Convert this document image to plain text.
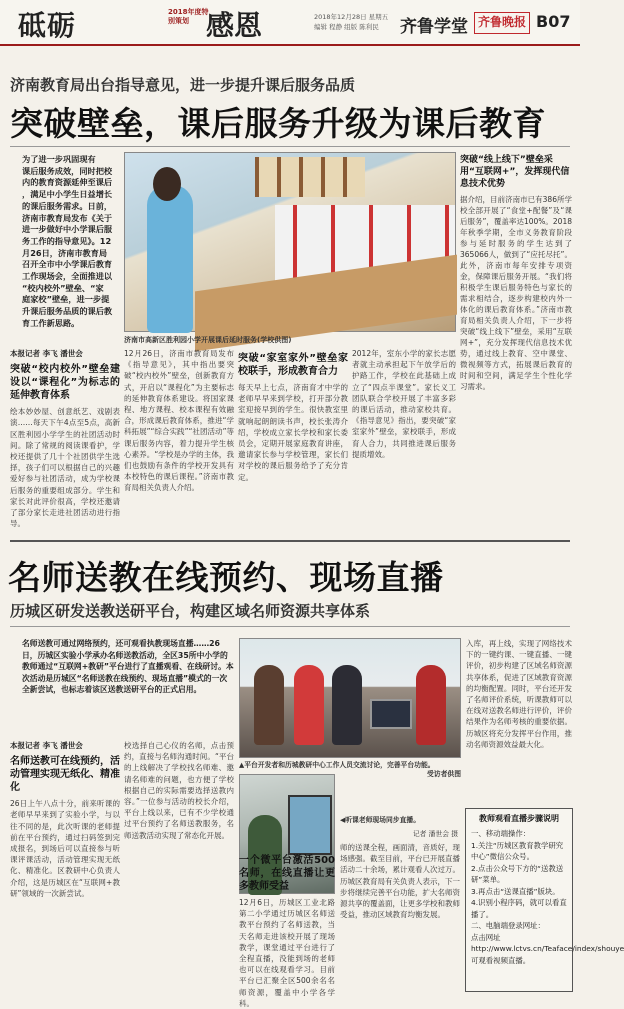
砥砺	2018年度特别策划 感恩	2018年12月28日 星期五
编辑 程静 组版 陈利民	齐鲁学堂 齐鲁晚报 B07
济南教育局出台指导意见，进一步提升课后服务品质
突破壁垒，课后服务升级为课后教育
为了进一步巩固现有
课后服务成效，同时把校
内的教育资源延伸至课后
，满足中小学生日益增长
的课后服务需求。日前，
济南市教育局发布《关于
进一步做好中小学课后服
务工作的指导意见》。12
月26日，济南市教育局
召开全市中小学课后教育
工作现场会，全面推进以
“校内校外”壁垒、“家
庭家校”壁垒，进一步提
升课后服务品质的课后教
育工作新思路。
济南市高新区胜利园小学开展课后延时服务(学校供图)
突破“线上线下”壁垒采用“互联网+”，发挥现代信息技术优势
据介绍，目前济南市已有386所学校全部开展了“食堂+配餐”及“课后服务”，覆盖率达100%。2018年秋季学期，全市义务教育阶段参与延时服务的学生达到了365066人，做到了“应托尽托”。此外，济南市每年安排专项资金，保障课后服务开展。“我们将积极学生课后服务特色与家长的需求相结合，逐步构建校内外一体化的课后教育体系。”济南市教育局相关负责人介绍，下一步将突破“线上线下”壁垒，采用“互联网+”，充分发挥现代信息技术优势，通过线上教育、空中课堂、微视频等方式，拓展课后教育的时间和空间，满足学生个性化学习需求。
本报记者 李飞 潘世会
突破“校内校外”壁垒建设以“课程化”为标志的延伸教育体系
绘本妙妙屋、创意纸艺、戏剧表演……每天下午4点至5点，高新区胜利园小学学生的社团活动时间。除了常规的阅读课看护，学校还提供了几十个社团供学生选择，孩子们可以根据自己的兴趣爱好参与社团活动，成为学校课后服务的重要组成部分。学生和家长对此评价很高，学校还邀请了部分家长走进社团活动进行指导。
12月26日，济南市教育局发布《指导意见》，其中指出要突破“校内校外”壁垒，创新教育方式，开启以“课程化”为主要标志的延伸教育体系建设。将国家课程、地方课程、校本课程有效融合，形成课后教育体系，推进“学科拓展”“综合实践”“社团活动”等课后服务内容，着力提升学生核心素养。“学校是办学的主体，我们也鼓励有条件的学校开发具有本校特色的课后课程。”济南市教育局相关负责人介绍。
突破“家室家外”壁垒家校联手，形成教育合力
每天早上七点，济南育才中学的老师早早来到学校，打开部分教室迎接早到的学生。很快教室里就响起朗朗读书声，校长张涛介绍，学校成立家长学校和家长委员会，定期开展家庭教育讲座，邀请家长参与学校管理，家长们对学校的课后服务给予了充分肯定。
2012年，室东小学的家长志愿者就主动承担起下午放学后的护路工作，学校在此基础上成立了“四点半课堂”。家长义工团队联合学校开展了丰富多彩的课后活动，推动家校共育。《指导意见》指出，要突破“家室家外”壁垒，家校联手，形成育人合力，共同推进课后服务提质增效。
名师送教在线预约、现场直播
历城区研发送教送研平台，构建区域名师资源共享体系
名师送教可通过网络预约，还可观看执教现场直播……26日，历城区实验小学承办名师送教活动，全区35所中小学的教师通过“互联网+教研”平台进行了直播观看、在线研讨。本次活动是历城区“名师送教在线预约、现场直播”模式的一次全新尝试，也标志着该区送教送研平台的正式启用。
▲平台开发者和历城教研中心工作人员交流讨论，完善平台功能。
受访者供图
◀听课老师现场同步直播。
记者 潘世会 摄
本报记者 李飞 潘世会
名师送教可在线预约，活动管理实现无纸化、精准化
26日上午八点十分，前来听课的老师早早来到了实验小学，与以往不同的是，此次听课的老师提前在平台预约，通过扫码签到完成报名，到场后可以直接参与听课评课活动，活动管理实现无纸化、精准化。区教研中心负责人介绍，这是历城区在“互联网+教研”领域的一次新尝试。
校选择自己心仪的名师，点击预约，直接与名师沟通时间。“平台的上线解决了学校找名师难、邀请名师难的问题，也方便了学校根据自己的实际需要选择送教内容。”一位参与活动的校长介绍，平台上线以来，已有不少学校通过平台预约了名师送教服务，名师送教活动实现了常态化开展。
一个微平台激活500名师，在线直播让更多教师受益
12月6日，历城区工业北路第二小学通过历城区名师送教平台预约了名师送教，当天名师走进该校开展了现场教学，课堂通过平台进行了全程直播，没能到场的老师也可以在线观看学习。目前平台已汇聚全区500余名名师资源，覆盖中小学各学科。
师的送课全程，画面清，音质好，现场感强。截至目前，平台已开展直播活动二十余场，累计观看人次过万。历城区教育局有关负责人表示，下一步将继续完善平台功能，扩大名师资源共享的覆盖面，让更多学校和教师受益，推动区域教育均衡发展。
入库，再上线，实现了网络技术下的一键约课、一键直播、一键评价，初步构建了区域名师资源共享体系，促进了区域教育资源的均衡配置。同时，平台还开发了名师评价系统，听课教师可以在线对送教名师进行评价，评价结果作为名师考核的重要依据。历城区将充分发挥平台作用，推动名师资源效益最大化。
教师观看直播步骤说明
一、移动端操作：
1.关注“历城区教育教学研究中心”微信公众号。
2.点击公众号下方的“送教送研”菜单。
3.再点击“送课直播”版块。
4.识别小程序码，就可以看直播了。
二、电脑端登录网址：
点击网址
http://www.lctvs.cn/Teaface/index/shouye可观看视频直播。
